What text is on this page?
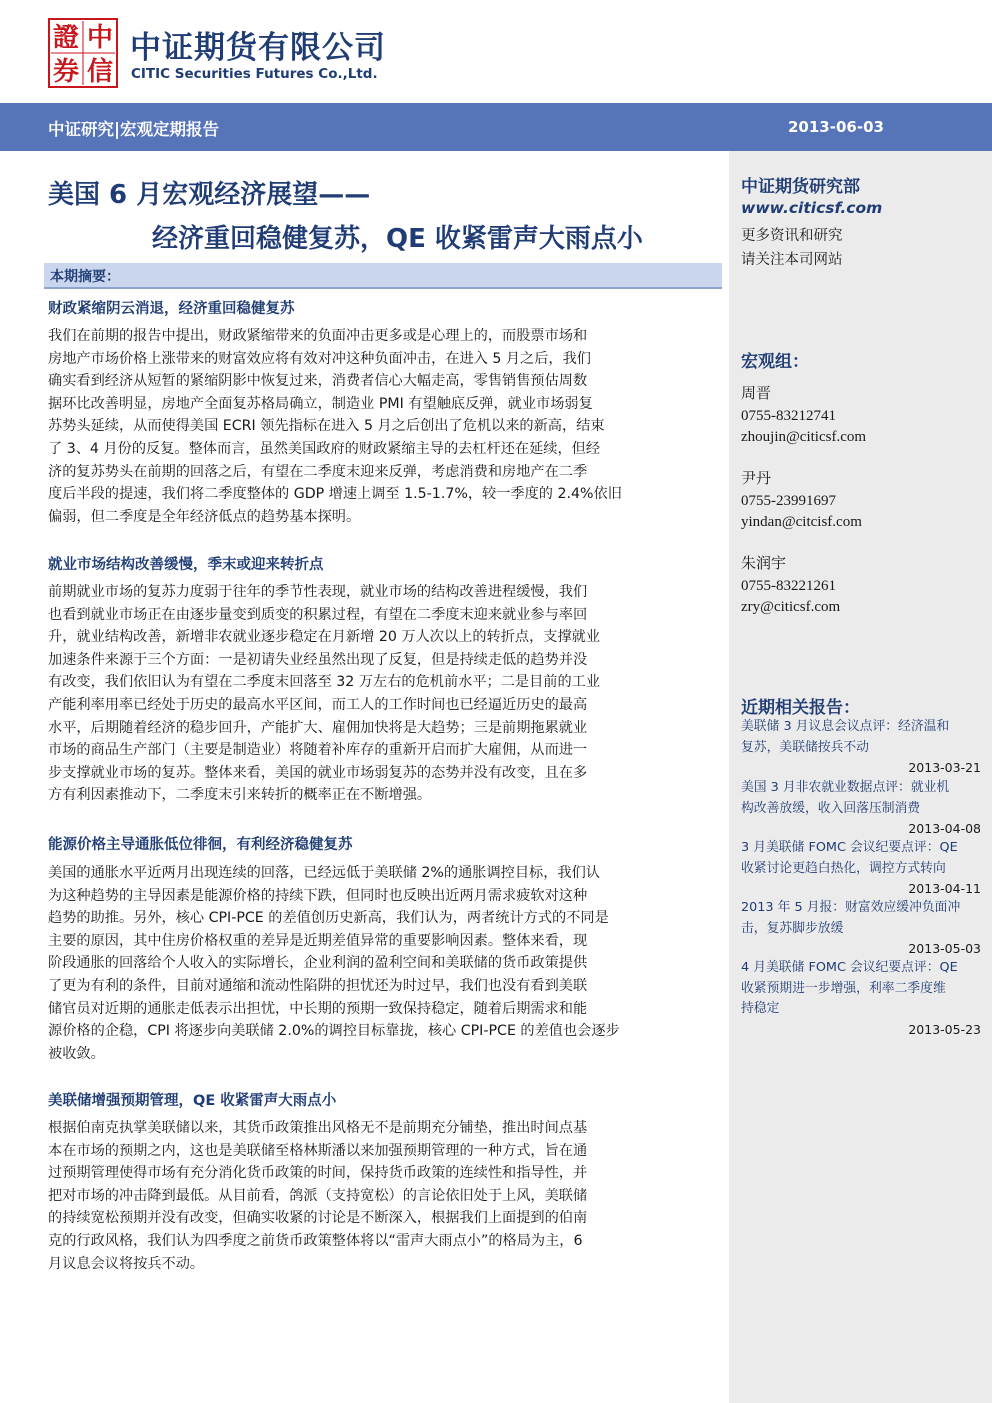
證 中
券 信
中证期货有限公司
CITIC Securities Futures Co.,Ltd.
中证研究|宏观定期报告	2013-06-03
美国 6 月宏观经济展望——
经济重回稳健复苏，QE 收紧雷声大雨点小
本期摘要：
财政紧缩阴云消退，经济重回稳健复苏
我们在前期的报告中提出，财政紧缩带来的负面冲击更多或是心理上的，而股票市场和
房地产市场价格上涨带来的财富效应将有效对冲这种负面冲击，在进入 5 月之后，我们
确实看到经济从短暂的紧缩阴影中恢复过来，消费者信心大幅走高，零售销售预估周数
据环比改善明显，房地产全面复苏格局确立，制造业 PMI 有望触底反弹，就业市场弱复
苏势头延续，从而使得美国 ECRI 领先指标在进入 5 月之后创出了危机以来的新高，结束
了 3、4 月份的反复。整体而言，虽然美国政府的财政紧缩主导的去杠杆还在延续，但经
济的复苏势头在前期的回落之后，有望在二季度末迎来反弹，考虑消费和房地产在二季
度后半段的提速，我们将二季度整体的 GDP 增速上调至 1.5-1.7%，较一季度的 2.4%依旧
偏弱，但二季度是全年经济低点的趋势基本探明。
就业市场结构改善缓慢，季末或迎来转折点
前期就业市场的复苏力度弱于往年的季节性表现，就业市场的结构改善进程缓慢，我们
也看到就业市场正在由逐步量变到质变的积累过程，有望在二季度末迎来就业参与率回
升，就业结构改善，新增非农就业逐步稳定在月新增 20 万人次以上的转折点，支撑就业
加速条件来源于三个方面：一是初请失业经虽然出现了反复，但是持续走低的趋势并没
有改变，我们依旧认为有望在二季度末回落至 32 万左右的危机前水平；二是目前的工业
产能利率用率已经处于历史的最高水平区间，而工人的工作时间也已经逼近历史的最高
水平，后期随着经济的稳步回升，产能扩大、雇佣加快将是大趋势；三是前期拖累就业
市场的商品生产部门（主要是制造业）将随着补库存的重新开启而扩大雇佣，从而进一
步支撑就业市场的复苏。整体来看，美国的就业市场弱复苏的态势并没有改变，且在多
方有利因素推动下，二季度末引来转折的概率正在不断增强。
能源价格主导通胀低位徘徊，有利经济稳健复苏
美国的通胀水平近两月出现连续的回落，已经远低于美联储 2%的通胀调控目标，我们认
为这种趋势的主导因素是能源价格的持续下跌，但同时也反映出近两月需求疲软对这种
趋势的助推。另外，核心 CPI-PCE 的差值创历史新高，我们认为，两者统计方式的不同是
主要的原因，其中住房价格权重的差异是近期差值异常的重要影响因素。整体来看，现
阶段通胀的回落给个人收入的实际增长，企业利润的盈利空间和美联储的货币政策提供
了更为有利的条件，目前对通缩和流动性陷阱的担忧还为时过早，我们也没有看到美联
储官员对近期的通胀走低表示出担忧，中长期的预期一致保持稳定，随着后期需求和能
源价格的企稳，CPI 将逐步向美联储 2.0%的调控目标靠拢，核心 CPI-PCE 的差值也会逐步
被收敛。
美联储增强预期管理，QE 收紧雷声大雨点小
根据伯南克执掌美联储以来，其货币政策推出风格无不是前期充分铺垫，推出时间点基
本在市场的预期之内，这也是美联储至格林斯潘以来加强预期管理的一种方式，旨在通
过预期管理使得市场有充分消化货币政策的时间，保持货币政策的连续性和指导性，并
把对市场的冲击降到最低。从目前看，鸽派（支持宽松）的言论依旧处于上风，美联储
的持续宽松预期并没有改变，但确实收紧的讨论是不断深入，根据我们上面提到的伯南
克的行政风格，我们认为四季度之前货币政策整体将以“雷声大雨点小”的格局为主，6
月议息会议将按兵不动。
中证期货研究部
www.citicsf.com
更多资讯和研究
请关注本司网站
宏观组：
周晋
0755-83212741
zhoujin@citicsf.com
尹丹
0755-23991697
yindan@citcisf.com
朱润宇
0755-83221261
zry@citicsf.com
近期相关报告：
美联储 3 月议息会议点评：经济温和
复苏，美联储按兵不动
2013-03-21
美国 3 月非农就业数据点评：就业机
构改善放缓，收入回落压制消费
2013-04-08
3 月美联储 FOMC 会议纪要点评：QE
收紧讨论更趋白热化，调控方式转向
2013-04-11
2013 年 5 月报：财富效应缓冲负面冲
击，复苏脚步放缓
2013-05-03
4 月美联储 FOMC 会议纪要点评：QE
收紧预期进一步增强，利率二季度维
持稳定
2013-05-23
